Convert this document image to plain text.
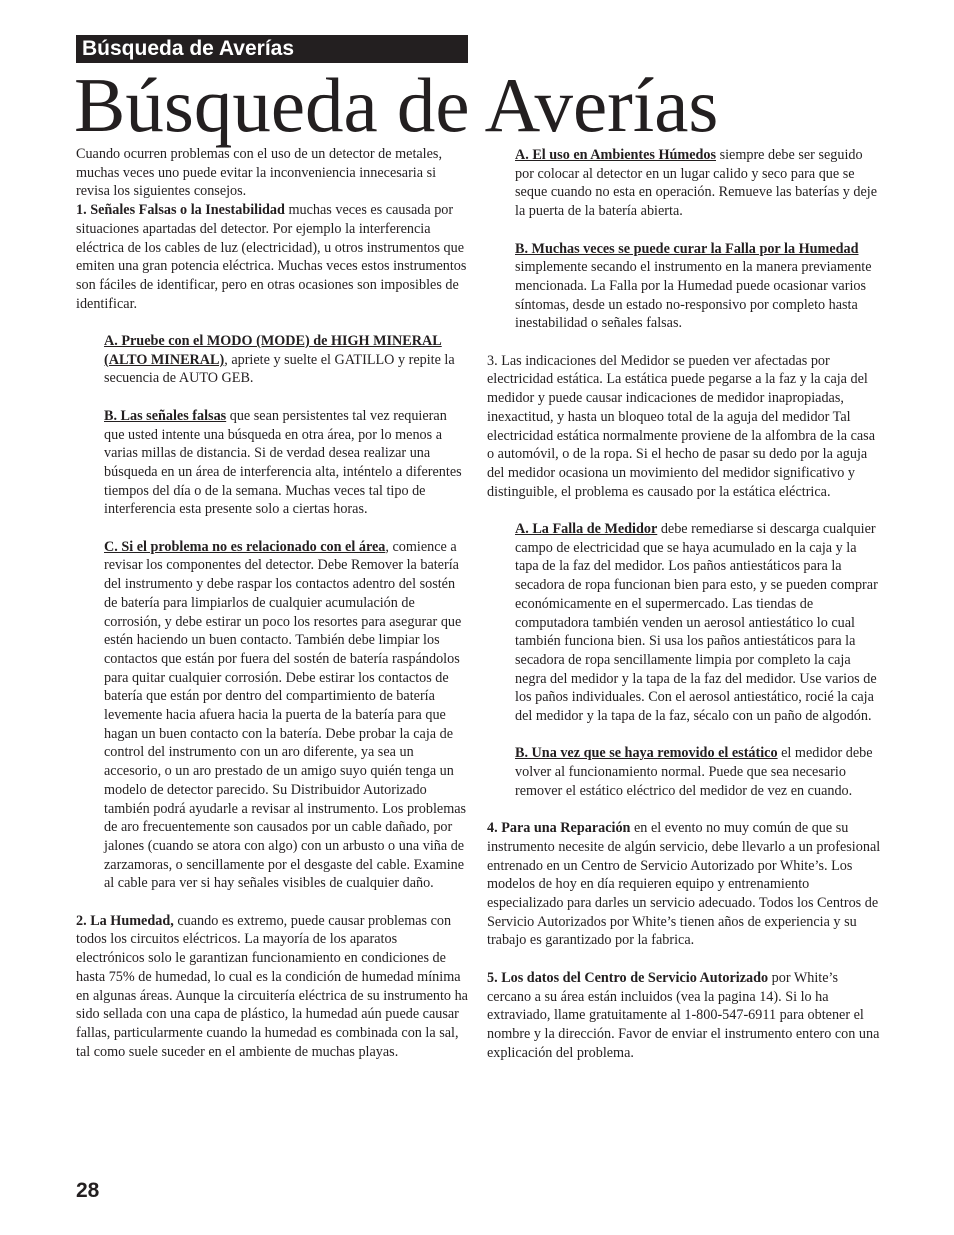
Búsqueda de Averías
Búsqueda de Averías

Cuando ocurren problemas con el uso de un detector de metales, muchas veces uno puede evitar la inconveniencia innecesaria si revisa los siguientes consejos.

1. Señales Falsas o la Inestabilidad muchas veces es causada por situaciones apartadas del detector. Por ejemplo la interferencia eléctrica de los cables de luz (electricidad), u otros instrumentos que emiten una gran potencia eléctrica. Muchas veces estos instrumentos son fáciles de identificar, pero en otras ocasiones son imposibles de identificar.

A. Pruebe con el MODO (MODE) de HIGH MINERAL (ALTO MINERAL), apriete y suelte el GATILLO y repite la secuencia de AUTO GEB.

B. Las señales falsas que sean persistentes tal vez requieran que usted intente una búsqueda en otra área, por lo menos a varias millas de distancia. Si de verdad desea realizar una búsqueda en un área de interferencia alta, inténtelo a diferentes tiempos del día o de la semana. Muchas veces tal tipo de interferencia esta presente solo a ciertas horas.

C. Si el problema no es relacionado con el área, comience a revisar los componentes del detector. Debe Remover la batería del instrumento y debe raspar los contactos adentro del sostén de batería para limpiarlos de cualquier acumulación de corrosión, y debe estirar un poco los resortes para asegurar que estén haciendo un buen contacto. También debe limpiar los contactos que están por fuera del sostén de batería raspándolos para quitar cualquier corrosión. Debe estirar los contactos de batería que están por dentro del compartimiento de batería levemente hacia afuera hacia la puerta de la batería para que hagan un buen contacto con la batería. Debe probar la caja de control del instrumento con un aro diferente, ya sea un accesorio, o un aro prestado de un amigo suyo quién tenga un modelo de detector parecido. Su Distribuidor Autorizado también podrá ayudarle a revisar al instrumento. Los problemas de aro frecuentemente son causados por un cable dañado, por jalones (cuando se atora con algo) con un arbusto o una viña de zarzamoras, o sencillamente por el desgaste del cable. Examine al cable para ver si hay señales visibles de cualquier daño.

2. La Humedad, cuando es extremo, puede causar problemas con todos los circuitos eléctricos. La mayoría de los aparatos electrónicos solo le garantizan funcionamiento en condiciones de hasta 75% de humedad, lo cual es la condición de humedad mínima en algunas áreas. Aunque la circuitería eléctrica de su instrumento ha sido sellada con una capa de plástico, la humedad aún puede causar fallas, particularmente cuando la humedad es combinada con la sal, tal como suele suceder en el ambiente de muchas playas.

A. El uso en Ambientes Húmedos siempre debe ser seguido por colocar al detector en un lugar calido y seco para que se seque cuando no esta en operación. Remueve las baterías y deje la puerta de la batería abierta.

B. Muchas veces se puede curar la Falla por la Humedad simplemente secando el instrumento en la manera previamente mencionada. La Falla por la Humedad puede ocasionar varios síntomas, desde un estado no-responsivo por completo hasta inestabilidad o señales falsas.

3. Las indicaciones del Medidor se pueden ver afectadas por electricidad estática. La estática puede pegarse a la faz y la caja del medidor y puede causar indicaciones de medidor inapropiadas, inexactitud, y hasta un bloqueo total de la aguja del medidor Tal electricidad estática normalmente proviene de la alfombra de la casa o automóvil, o de la ropa. Si el hecho de pasar su dedo por la aguja del medidor ocasiona un movimiento del medidor significativo y distinguible, el problema es causado por la estática eléctrica.

A. La Falla de Medidor debe remediarse si descarga cualquier campo de electricidad que se haya acumulado en la caja y la tapa de la faz del medidor. Los paños antiestáticos para la secadora de ropa funcionan bien para esto, y se pueden comprar económicamente en el supermercado. Las tiendas de computadora también venden un aerosol antiestático lo cual también funciona bien. Si usa los paños antiestáticos para la secadora de ropa sencillamente limpia por completo la caja negra del medidor y la tapa de la faz del medidor. Use varios de los paños individuales. Con el aerosol antiestático, rocié la caja del medidor y la tapa de la faz, sécalo con un paño de algodón.

B. Una vez que se haya removido el estático el medidor debe volver al funcionamiento normal. Puede que sea necesario remover el estático eléctrico del medidor de vez en cuando.

4. Para una Reparación en el evento no muy común de que su instrumento necesite de algún servicio, debe llevarlo a un profesional entrenado en un Centro de Servicio Autorizado por White’s. Los modelos de hoy en día requieren equipo y entrenamiento especializado para darles un servicio adecuado. Todos los Centros de Servicio Autorizados por White’s tienen años de experiencia y su trabajo es garantizado por la fabrica.

5. Los datos del Centro de Servicio Autorizado por White’s cercano a su área están incluidos (vea la pagina 14). Si lo ha extraviado, llame gratuitamente al 1-800-547-6911 para obtener el nombre y la dirección. Favor de enviar el instrumento entero con una explicación del problema.

28
